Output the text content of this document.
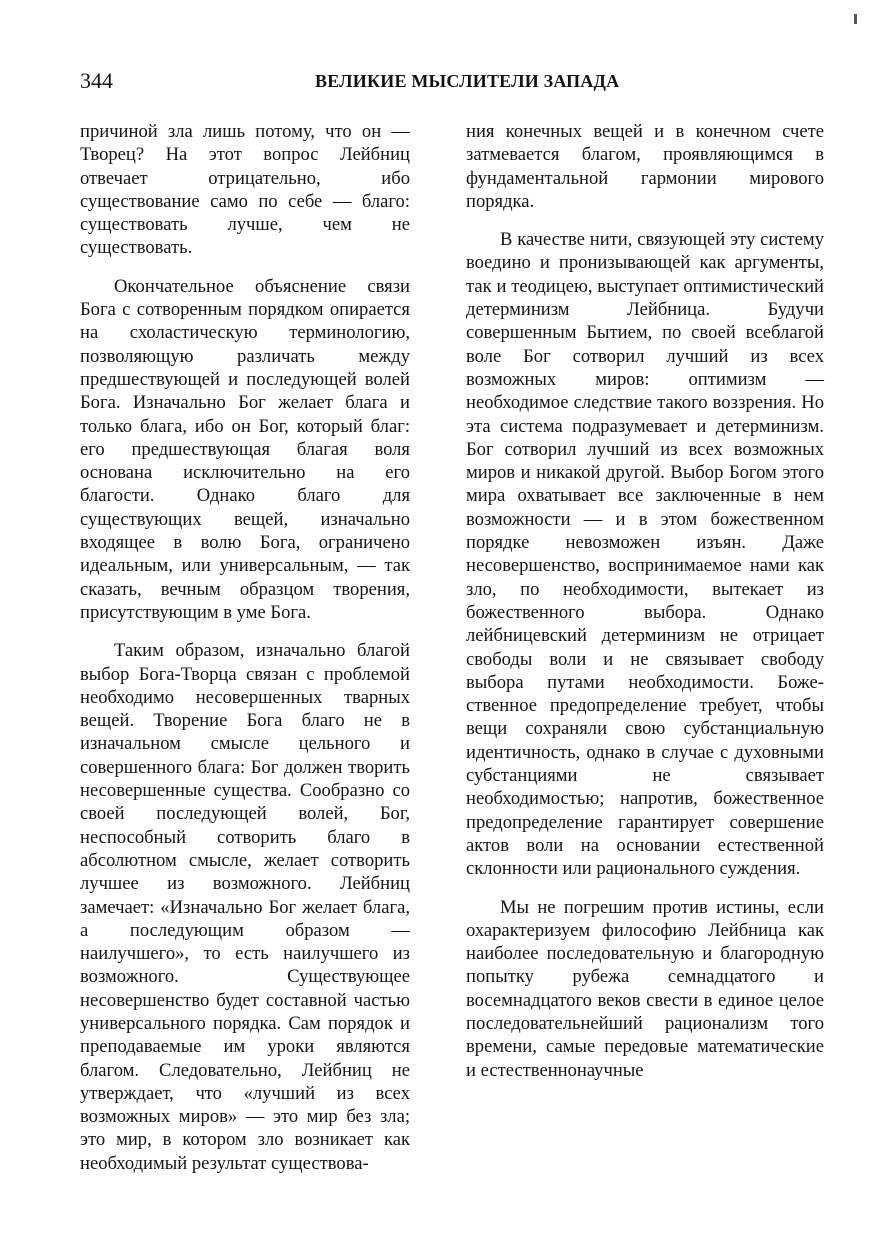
344	ВЕЛИКИЕ МЫСЛИТЕЛИ ЗАПАДА

причиной зла лишь потому, что он — Творец? На этот вопрос Лейбниц отвечает отрицательно, ибо существование само по себе — благо: существовать лучше, чем не существовать.

Окончательное объяснение связи Бога с сотворенным порядком опирается на схоластическую терминологию, позволяющую различать между предшествующей и последующей волей Бога. Изначально Бог желает блага и только блага, ибо он Бог, который благ: его предшествующая благая воля основана исключительно на его благости. Однако благо для существующих вещей, изначально входящее в волю Бога, ограничено идеальным, или универсальным, — так сказать, вечным образцом творения, присутствующим в уме Бога.

Таким образом, изначально благой выбор Бога-Творца связан с проблемой необходимо несовершенных тварных вещей. Творение Бога благо не в изначальном смысле цельного и совершенного блага: Бог должен творить несовершенные существа. Сообразно со своей последующей волей, Бог, неспособный сотворить благо в абсолютном смысле, желает сотворить лучшее из возможного. Лейбниц замечает: «Изначально Бог желает блага, а последующим образом — наилучшего», то есть наилучшего из возможного. Существующее несовершенство будет составной частью универсального порядка. Сам порядок и преподаваемые им уроки являются благом. Следовательно, Лейбниц не утверждает, что «лучший из всех возможных миров» — это мир без зла; это мир, в котором зло возникает как необходимый результат существова-

ния конечных вещей и в конечном счете затмевается благом, проявляющимся в фундаментальной гармонии мирового порядка.

В качестве нити, связующей эту систему воедино и пронизывающей как аргументы, так и теодицею, выступает оптимистический детерминизм Лейбница. Будучи совершенным Бытием, по своей всеблагой воле Бог сотворил лучший из всех возможных миров: оптимизм — необходимое следствие такого воззрения. Но эта система подразумевает и детерминизм. Бог сотворил лучший из всех возможных миров и никакой другой. Выбор Богом этого мира охватывает все заключенные в нем возможности — и в этом божественном порядке невозможен изъян. Даже несовершенство, воспринимаемое нами как зло, по необходимости, вытекает из божественного выбора. Однако лейбницевский детерминизм не отрицает свободы воли и не связывает свободу выбора путами необходимости. Божественное предопределение требует, чтобы вещи сохраняли свою субстанциальную идентичность, однако в случае с духовными субстанциями не связывает необходимостью; напротив, божественное предопределение гарантирует совершение актов воли на основании естественной склонности или рационального суждения.

Мы не погрешим против истины, если охарактеризуем философию Лейбница как наиболее последовательную и благородную попытку рубежа семнадцатого и восемнадцатого веков свести в единое целое последовательнейший рационализм того времени, самые передовые математические и естественнонаучные
